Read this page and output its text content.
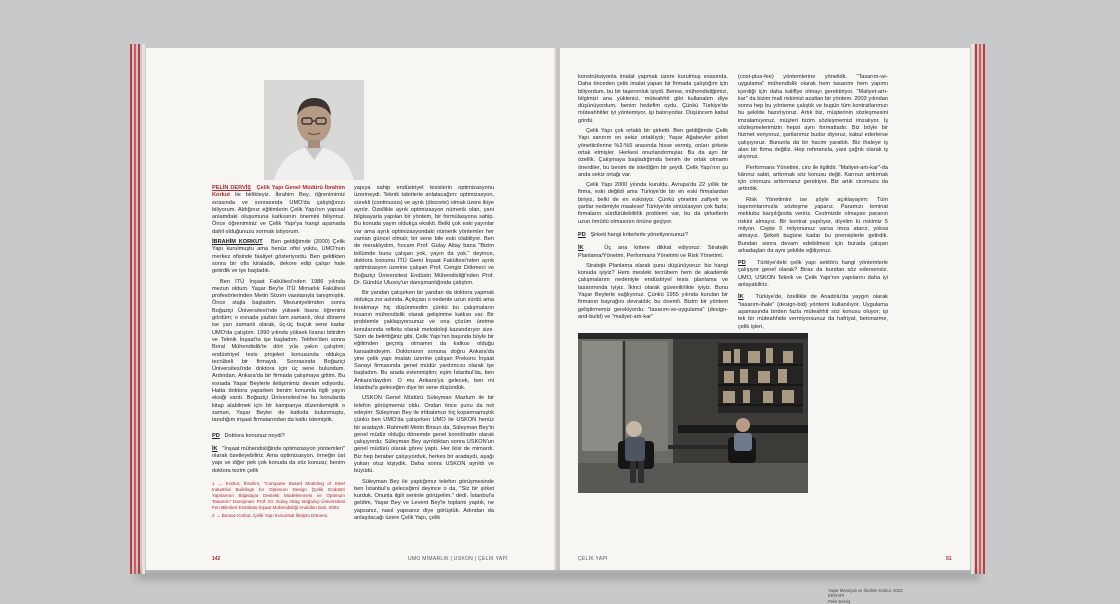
PELİN DERVİŞ Çelik Yapı Genel Müdürü İbrahim Korkut ile birlikteyiz. İbrahim Bey, öğrenimimiz sırasında ve sonrasında UMO'da çalıştığınızı biliyorum. Aldığınız eğitimlerin Çelik Yapı'nın yapısal anlamdaki oluşumuna katkısının önemini biliyoruz. Önce öğreniminiz ve Çelik Yapı'ya hangi aşamada dahil olduğunuzu sormak istiyorum.

İBRAHİM KORKUT Ben geldiğimde (2000) Çelik Yapı kurulmuştu ama henüz ofisi yoktu, UMO'nun merkez ofisinde faaliyet gösteriyordu. Ben geldikten sonra bir ofis kiraladık, dekore edip çalışır hale getirdik ve işe başladık.

Ben İTÜ İnşaat Fakültesi'nden 1986 yılında mezun oldum. Yaşar Bey'le İTÜ Mimarlık Fakültesi profesörlerinden Metin Sözen vasıtasıyla tanışmıştık. Önce stajla başladım. Mezuniyetimden sonra Boğaziçi Üniversitesi'nde yüksek lisans öğrenimi gördüm; o esnada yazları tam zamanlı, okul dönemi ise yarı zamanlı olarak, üç-üç buçuk sene kadar UMO'da çalıştım. 1990 yılında yüksek lisansı bitirdim ve Teknik İnşaat'ta işe başladım. Tekfen'den sonra Boral Mühendislik'te dört yıla yakın çalıştım; endüstriyel tesis projeleri konusunda oldukça tecrübeli bir firmaydı. Sonrasında Boğaziçi Üniversitesi'nde doktora için üç sene bulundum. Ardından, Ankara'da bir firmada çalışmaya gittim. Bu esnada Yaşar Beylerle iletişimimiz devam ediyordu. Hatta doktora yaparken benim konumla ilgili yayın eksiği vardı. Boğaziçi Üniversitesi'ne bu konularda kitap alabilmek için bir kampanya düzenlemiştik o zaman, Yaşar Beyler de katkıda bulunmuştu, tanıdığım inşaat firmalarından da katkı istemiştik.

PD Doktora konunuz neydi?

İK "İnşaat mühendisliğinde optimizasyon yöntemleri" olarak özetleyebiliriz. Ama optimizasyon, örneğin üst yapı ve diğer pek çok konuda da söz konusu; benim doktora tezim çelik

1 → Korkut, İbrahim, "Computer Based Modeling of Steel Industrial Buildings for Optimum Design (Çelik Endüstri Yapılarının Bilgisayar Destekli Modellenmesi ve Optimum Tasarımı" Danışman: Prof. Dr. Gülay Altay, Boğaziçi Üniversitesi Fen Bilimleri Enstitüsü İnşaat Mühendisliği Anabilim Dalı, 2002.
2 → Bomaz Korkut, Çelik Yapı Kurumsal İletişim Dönemi.

yapıya sahip endüstriyel tesislerin optimizasyonu üzerineydi. Teknik tabirlerle anlatacağım: optimizasyon, sürekli (continuous) ve ayrık (discrete) olmak üzere ikiye ayrılır. Özellikle ayrık optimizasyon nümerik olan, yani bilgisayarla yapılan bir yöntem, bir formülasyona sahip. Bu konuda yayın oldukça eksikti. Belki çok eski yayınlar var ama ayrık optimizasyondaki nümerik yöntemler her zaman güncel olmalı; bir sene bile eski olabiliyor. Ben de meraklıydım, hocam Prof. Gülay Altay bana "Bizim bölümde bunu çalışan yok, yayın da yok." deyince, doktora konumu İTÜ Gemi İnşaat Fakültesi'nden ayrık optimizasyon üzerine çalışan Prof. Cengiz Dökmeci ve Boğaziçi Üniversitesi Endüstri Mühendisliği'nden Prof. Dr. Gündüz Ulusoy'un danışmanlığında çalıştım.

Bir yandan çalışırken bir yandan da doktora yapmak oldukça zor aslında. Açıkçası o nedenle uzun sürdü ama bırakmayı hiç düşünmedim çünkü bu çalışmaların insanın mühendislik olarak gelişimine katkısı var. Bir problemle yaklaşıyorsunuz ve ona çözüm üretme konularında refleks olarak metodoloji kazandırıyor size. Sizin de belirttiğiniz gibi, Çelik Yapı'nın başında böyle bir eğitimden geçmiş olmamın da katkısı olduğu kanaatindeyim. Doktoranın sonuna doğru Ankara'da yine çelik yapı imalatı üzerine çalışan Prekons İnşaat Sanayi firmasında genel müdür yardımcısı olarak işe başladım. Bu arada evlenmiştim; eşim İstanbul'da, ben Ankara'daydım. O mu Ankara'ya gelecek, ben mi İstanbul'a geleceğim diye bir sene düşündük.

USKON Genel Müdürü Süleyman Mazlum ile bir telefon görüşmemiz oldu. Ondan önce şunu da not edeyim: Süleyman Bey ile irtibatımızı hiç koparmamıştık çünkü ben UMO'da çalışırken UMO ile USKON henüz bir aradaydı. Rahmetli Metin Birsun da, Süleyman Bey'in genel müdür olduğu dönemde genel koordinatör olarak çalışıyordu; Süleyman Bey ayrıldıktan sonra USKON'un genel müdürü olarak görev yaptı. Her ikisi de mimardı. Biz hep beraber çalışıyorduk, herkes bir aradaydı, aşağı yukarı otuz kişiydik. Daha sonra USKON ayrıldı ve büyüdü.

Süleyman Bey ile yaptığımız telefon görüşmesinde ben İstanbul'a geleceğimi deyince o da, "Siz bir şirket kurduk. Onunla ilgili seninle görüşelim." dedi. İstanbul'a geldim, Yaşar Bey ve Levent Bey'le toplantı yaptık, ne yapsanız, nasıl yapsanız diye görüştük. Adından da anlaşılacağı üzere Çelik Yapı, çelik

142	UMO MİMARLIK | USKON | ÇELİK YAPI

konstrüksiyonla imalat yapmak üzere kurulmuş esasında. Daha önceden çelik imalat yapan bir firmada çalıştığım için biliyordum, bu bir taşeronluk işiydi. Bense, mühendisliğimizi, bilgimizi ana yüklenici, müteahhit gibi kullanalım diye düşünüyordum, benim hedefim oydu. Çünkü Türkiye'de müteahhitler iyi yöntemiyor, işi batırıyorlar. Düşüncem kabul gördü.

Çelik Yapı çok ortaklı bir şirketti. Ben geldiğimde Çelik Yapı sanırım on sekiz ortaklıydı; Yaşar Ağabeyler şirket yönetiicilerine %2-%5 arasında hisse vermiş, onları şirkete ortak etmişler. Herkesi onurlandırmışlar. Bu da ayrı bir özellik. Çalışmaya başladığımda benim de ortak olmamı önerdiler, bu benim de istediğim bir şeydi. Çelik Yapı'nın şu anda sekiz ortağı var.

Çelik Yapı 2000 yılında kuruldu. Avrupa'da 22 yıllık bir firma, eski değildi ama Türkiye'de bir en eski firmalardan biriyiz, belki de en eskisiyiz. Çünkü yönetim zafiyeti ve şartlar nedeniyle maalesef Türkiye'de sinüslasyon çok fazla; firmaların sürdürülebilirlik problemi var, bu da şirketlerin uzun ömürlü olmasının önüne geçiyor.

PD Şirketi hangi kriterlerle yönetiyorsunuz?

İK	Üç ana kritere dikkat ediyoruz: Stratejik Planlama/Yönetim, Performans Yönetimi ve Risk Yönetimi.

Stratejik Planlama olarak şunu düşünüyoruz: biz hangi konuda iyiyiz? Hem mesleki tecrübem hem de akademik çalışmalarım nedeniyle endüstriyel tesis planlama ve tasarımında iyiyiz. İkinci olarak güvenilirlikte iyiyiz. Bunu Yaşar Beylerle sağlıyoruz. Çünkü 1955 yılında kurulan bir firmanın bayrağını devraldık; bu önemli. Bizim bir yöntem geliştirmemiz gerekiyordu: "tasarım-ve-uygulama" (design-and-build) ve "maliyet-artı-kar"

(cost-plus-fee) yöntemlerine yönelidk. "Tasarım-ve-uygulama" mühendislik olarak hem tasarımı hem yapımı içerdiği için daha kaliflye olmayı gerektiriyor. "Maliyet-artı-kar" da bizim mali riskimizi azaltan bir yöntem. 2003 yılından sonra hep bu yönteme çalıştık ve bugün tüm kontratlarımızı bu şekilde hazırlıyoruz. Artık biz, müşterinin sözleşmesini imzalamıyoruz, müşteri bizim sözleşmemizi imzalıyor. İş sözleşmelerimizin hepsi aynı formattadır. Biz böyle bir hizmet veriyoruz, şartlarımız budur diyoruz, kabul ederlerse çalışıyoruz. Bununla da bir hacim yarattık. Biz ihaleye iş alan bir firma değiliz. Hep referansla, yani çağrılı olarak iş alıyoruz.

Performans Yönetimi, ciro ile ilgilidir. "Maliyet-artı-kar"-da kârınız sabit, arttırmak söz konusu değil. Karınızı arttırmak için cironuzu arttırmanız gerekiyor. Biz artık ciromuzu da arttırdık.

Risk Yönetimini ise şöyle açıklayayım: Tüm taşeronlarımızla sözleşme yaparız. Paramızı teminat mektubu karşılığında veririz. Cezimizde olmayan paranın riskini almayız. Bir kontrat yapılıyor, diyelim ki riskimiz 5 milyon. Cepte 5 milyonunuz varsa imza atarız, yoksa atmayız. Şirketi bugüne kadar bu prensiplerle getirdik. Bundan sonra devam edebilmesi için burada çalışan arkadaşları da aynı şekilde eğitiyoruz.

PD Türkiye'deki çelik yapı sektörü hangi yöntemlerle çalışıyor genel olarak? Biraz da bundan söz edersensiz. UMO, USKON Teknik ve Çelik Yapı'nın yapılarını daha iyi anlayabiliriz.

İK Türkiye'de, özellikle de Anadolu'da yaygın olarak "tasarım-ihale" (design-bid) yöntemi kullanılıyor. Uygulama aşamasında birden fazla müteahhit söz konusu oluyor; işi tek bir müteahhide vermiyorsunuz da hafriyat, betonarme, çelik işleri,

Yaşar Marulyalı ve İbrahim Korkut, 2022,
ERİYAPI
Pelin Derviş
ÇELİK YAPI	51
